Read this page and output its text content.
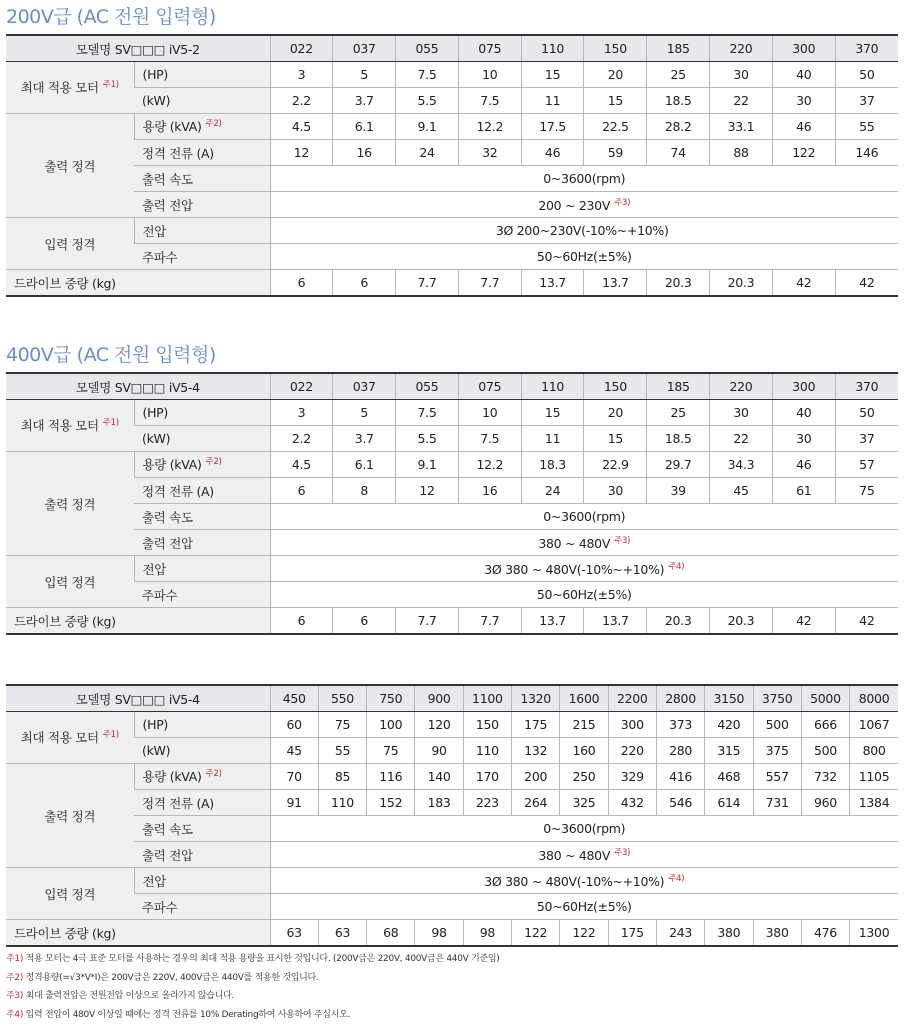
200V급 (AC 전원 입력형)
모델명 SV□□□ iV5-2		022	037	055	075	110	150	185	220	300	370
최대 적용 모터 $^{주1)}$	(HP)	3	5	7.5	10	15	20	25	30	40	50
	(kW)	2.2	3.7	5.5	7.5	11	15	18.5	22	30	37
출력 정격	용량 (kVA) $^{주2)}$	4.5	6.1	9.1	12.2	17.5	22.5	28.2	33.1	46	55
	정격 전류 (A)	12	16	24	32	46	59	74	88	122	146
	출력 속도	0~3600(rpm)									
	출력 전압	200 ~ 230V $^{주3)}$
입력 정격	전압	3Ø 200~230V(-10%~+10%)									
	주파수	50~60Hz(±5%)									
드라이브 중량 (kg)		6	6	7.7	7.7	13.7	13.7	20.3	20.3	42	42
400V급 (AC 전원 입력형)
모델명 SV□□□ iV5-4		022	037	055	075	110	150	185	220	300	370
최대 적용 모터 $^{주1)}$	(HP)	3	5	7.5	10	15	20	25	30	40	50
	(kW)	2.2	3.7	5.5	7.5	11	15	18.5	22	30	37
출력 정격	용량 (kVA) $^{주2)}$	4.5	6.1	9.1	12.2	18.3	22.9	29.7	34.3	46	57
	정격 전류 (A)	6	8	12	16	24	30	39	45	61	75
	출력 속도	0~3600(rpm)									
	출력 전압	380 ~ 480V $^{주3)}$
입력 정격	전압	3Ø 380 ~ 480V(-10%~+10%) $^{주4)}$
	주파수	50~60Hz(±5%)									
드라이브 중량 (kg)		6	6	7.7	7.7	13.7	13.7	20.3	20.3	42	42
모델명 SV□□□ iV5-4		450	550	750	900	1100	1320	1600	2200	2800	3150	3750	5000	8000
최대 적용 모터 $^{주1)}$	(HP)	60	75	100	120	150	175	215	300	373	420	500	666	1067
	(kW)	45	55	75	90	110	132	160	220	280	315	375	500	800
출력 정격	용량 (kVA) $^{주2)}$	70	85	116	140	170	200	250	329	416	468	557	732	1105
	정격 전류 (A)	91	110	152	183	223	264	325	432	546	614	731	960	1384
	출력 속도	0~3600(rpm)												
	출력 전압	380 ~ 480V $^{주3)}$
입력 정격	전압	3Ø 380 ~ 480V(-10%~+10%) $^{주4)}$
	주파수	50~60Hz(±5%)												
드라이브 중량 (kg)		63	63	68	98	98	122	122	175	243	380	380	476	1300
주1) 적용 모터는 4극 표준 모터를 사용하는 경우의 최대 적용 용량을 표시한 것입니다. (200V급은 220V, 400V급은 440V 기준임)
주2) 정격용량(=√3*V*I)은 200V급은 220V, 400V급은 440V를 적용한 것입니다.
주3) 최대 출력전압은 전원전압 이상으로 올라가지 않습니다.
주4) 입력 전압이 480V 이상일 때에는 정격 전류를 10% Derating하여 사용하여 주십시오.
